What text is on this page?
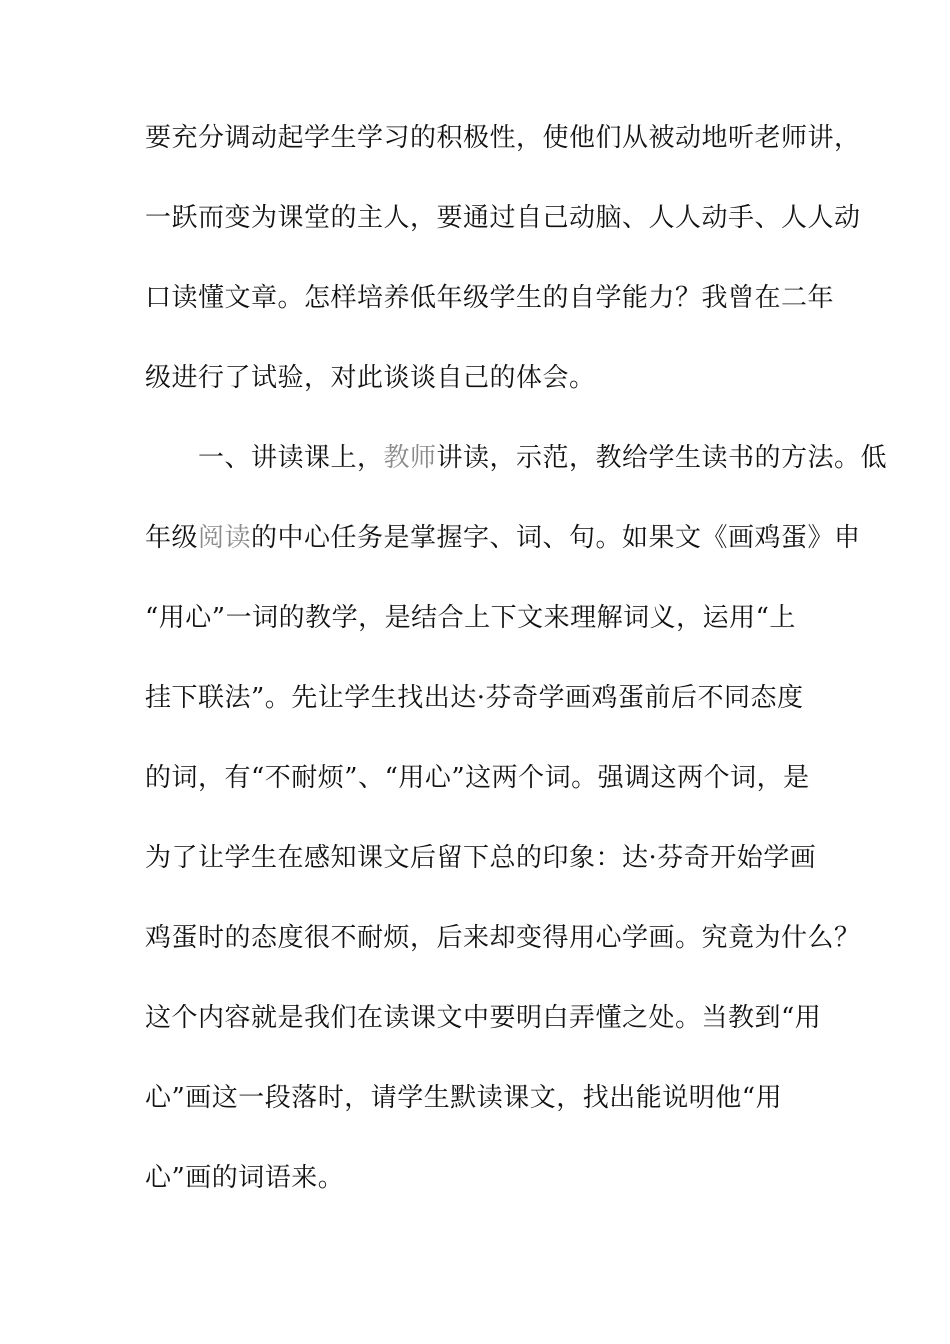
要充分调动起学生学习的积极性，使他们从被动地听老师讲，
一跃而变为课堂的主人，要通过自己动脑、人人动手、人人动
口读懂文章。怎样培养低年级学生的自学能力？我曾在二年
级进行了试验，对此谈谈自己的体会。
一、讲读课上，教师讲读，示范，教给学生读书的方法。低
年级阅读的中心任务是掌握字、词、句。如果文《画鸡蛋》申
“用心”一词的教学，是结合上下文来理解词义，运用“上
挂下联法”。先让学生找出达·芬奇学画鸡蛋前后不同态度
的词，有“不耐烦”、“用心”这两个词。强调这两个词，是
为了让学生在感知课文后留下总的印象：达·芬奇开始学画
鸡蛋时的态度很不耐烦，后来却变得用心学画。究竟为什么？
这个内容就是我们在读课文中要明白弄懂之处。当教到“用
心”画这一段落时，请学生默读课文，找出能说明他“用
心”画的词语来。
